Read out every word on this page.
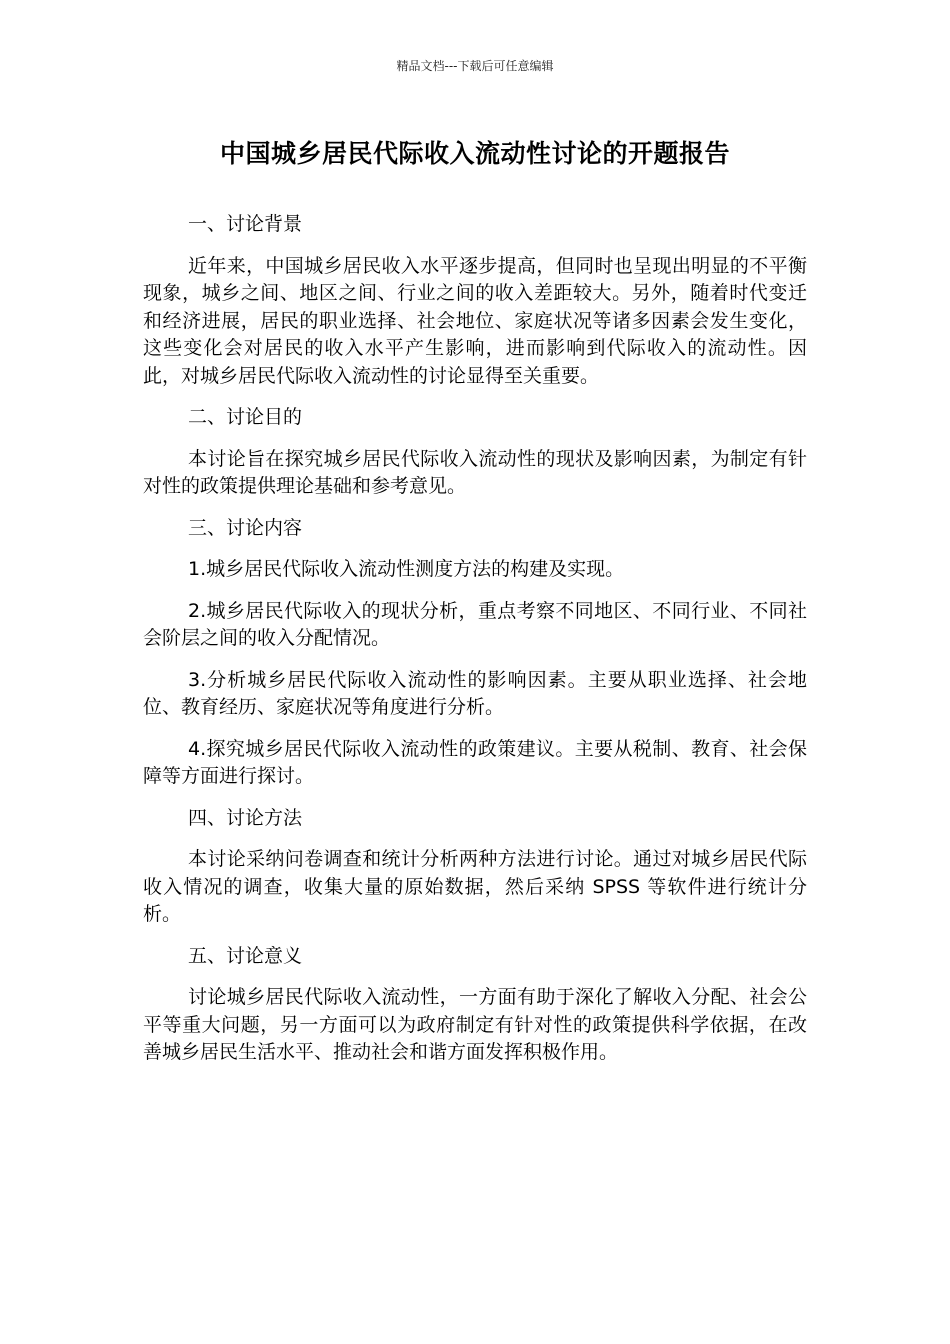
精品文档---下载后可任意编辑
中国城乡居民代际收入流动性讨论的开题报告

一、讨论背景

近年来，中国城乡居民收入水平逐步提高，但同时也呈现出明显的不平衡现象，城乡之间、地区之间、行业之间的收入差距较大。另外，随着时代变迁和经济进展，居民的职业选择、社会地位、家庭状况等诸多因素会发生变化，这些变化会对居民的收入水平产生影响，进而影响到代际收入的流动性。因此，对城乡居民代际收入流动性的讨论显得至关重要。

二、讨论目的

本讨论旨在探究城乡居民代际收入流动性的现状及影响因素，为制定有针对性的政策提供理论基础和参考意见。

三、讨论内容

1.城乡居民代际收入流动性测度方法的构建及实现。

2.城乡居民代际收入的现状分析，重点考察不同地区、不同行业、不同社会阶层之间的收入分配情况。

3.分析城乡居民代际收入流动性的影响因素。主要从职业选择、社会地位、教育经历、家庭状况等角度进行分析。

4.探究城乡居民代际收入流动性的政策建议。主要从税制、教育、社会保障等方面进行探讨。

四、讨论方法

本讨论采纳问卷调查和统计分析两种方法进行讨论。通过对城乡居民代际收入情况的调查，收集大量的原始数据，然后采纳 SPSS 等软件进行统计分析。

五、讨论意义

讨论城乡居民代际收入流动性，一方面有助于深化了解收入分配、社会公平等重大问题，另一方面可以为政府制定有针对性的政策提供科学依据，在改善城乡居民生活水平、推动社会和谐方面发挥积极作用。
